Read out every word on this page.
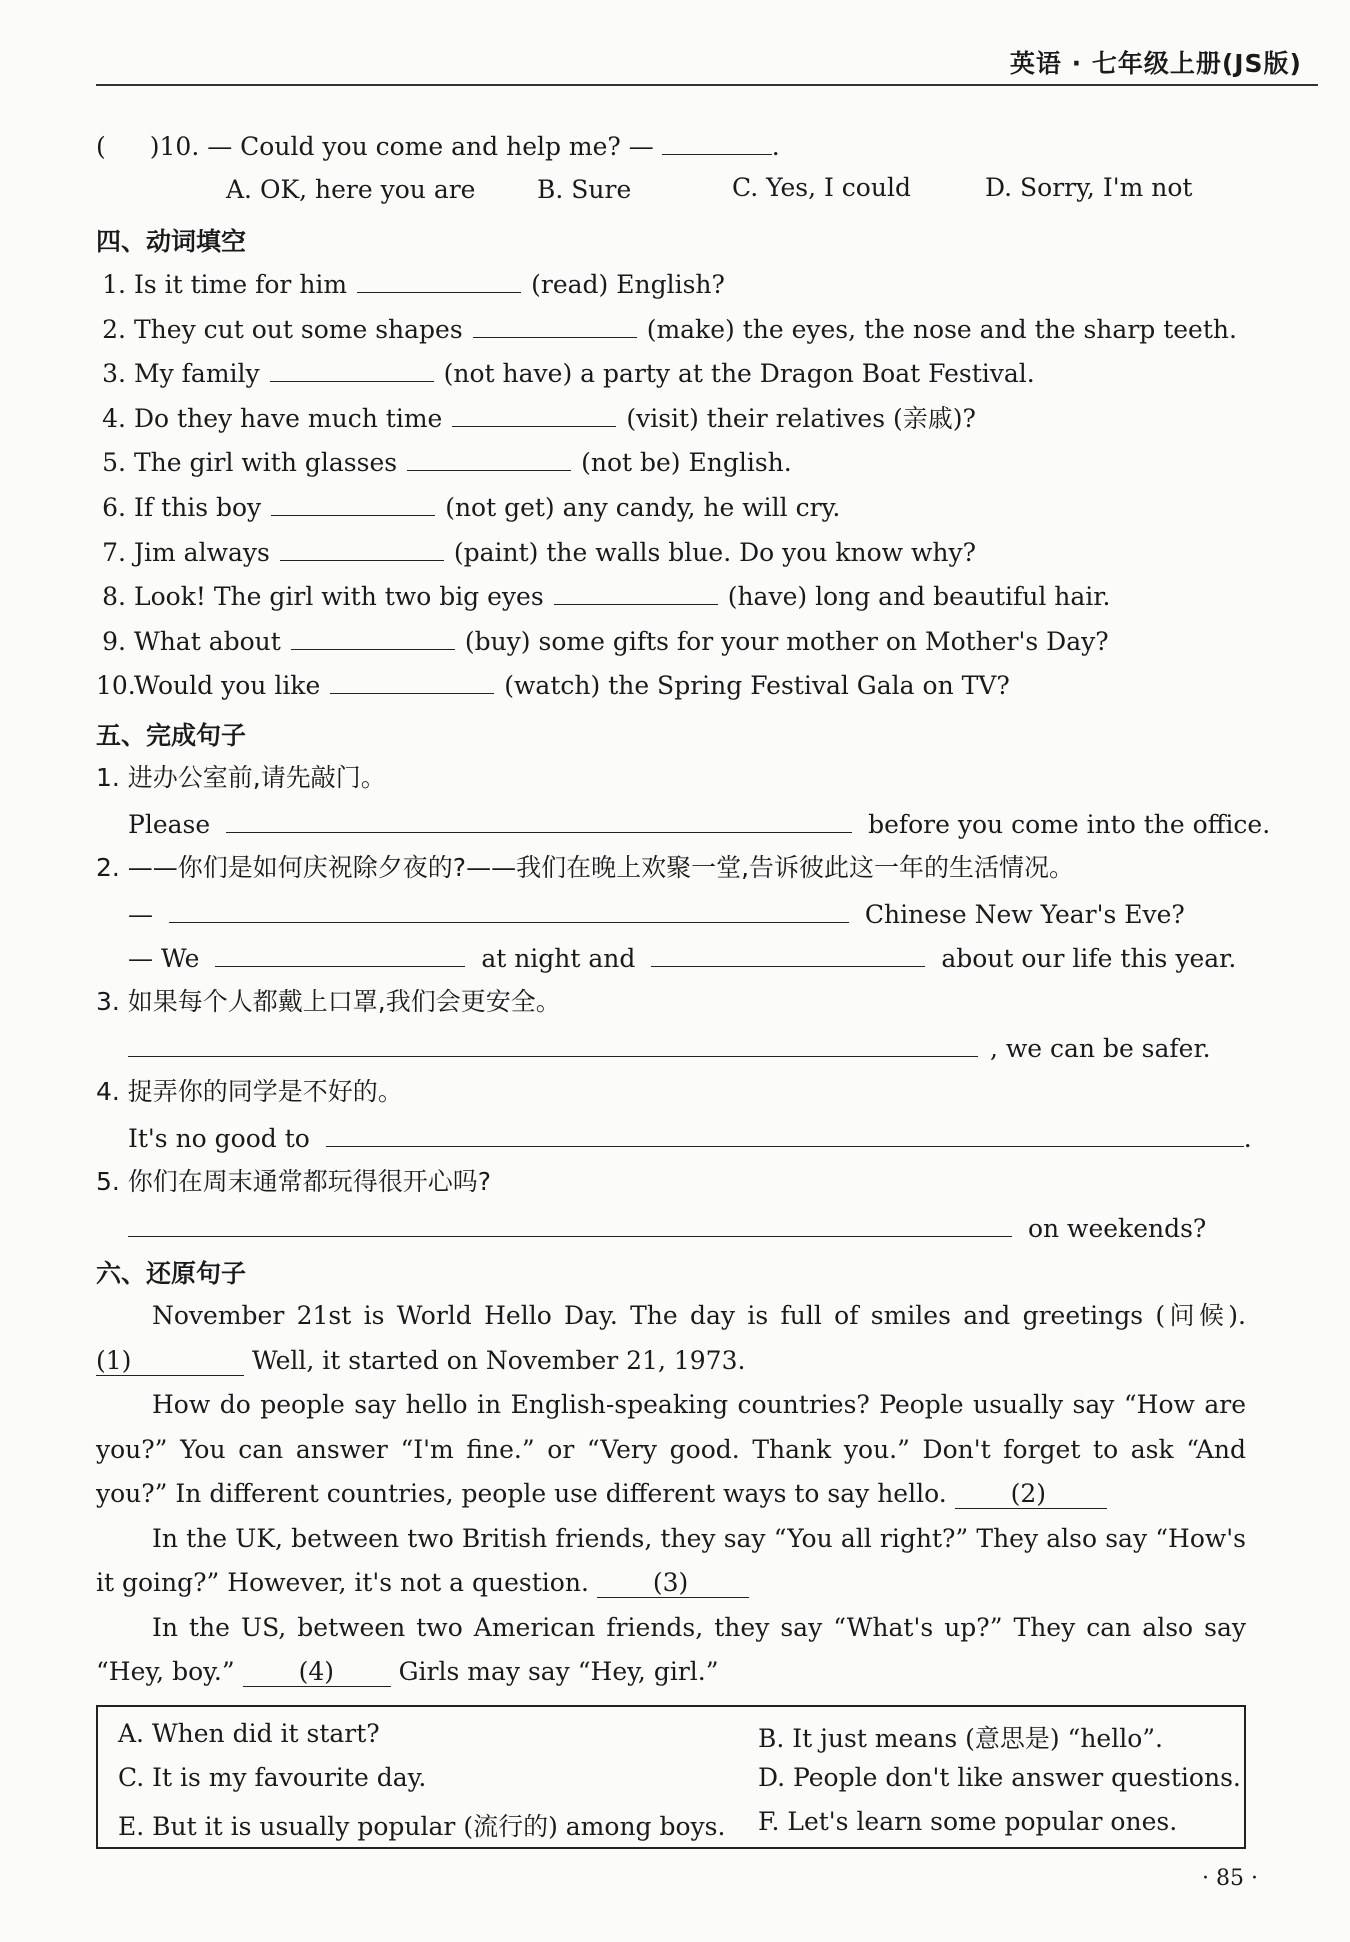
英语 · 七年级上册(JS版)
( )10. — Could you come and help me? —	.
A. OK, here you are B. Sure	C. Yes, I could	D. Sorry, I'm not
四、动词填空
1. Is it time for him	(read) English?
2. They cut out some shapes	(make) the eyes, the nose and the sharp teeth.
3. My family	(not have) a party at the Dragon Boat Festival.
4. Do they have much time	(visit) their relatives (亲戚)?
5. The girl with glasses	(not be) English.
6. If this boy	(not get) any candy, he will cry.
7. Jim always	(paint) the walls blue. Do you know why?
8. Look! The girl with two big eyes	(have) long and beautiful hair.
9. What about	(buy) some gifts for your mother on Mother's Day?
10.Would you like	(watch) the Spring Festival Gala on TV?
五、完成句子
1. 进办公室前,请先敲门。
Please	before you come into the office.
2. ——你们是如何庆祝除夕夜的?——我们在晚上欢聚一堂,告诉彼此这一年的生活情况。
—	Chinese New Year's Eve?
— We	at night and	about our life this year.
3. 如果每个人都戴上口罩,我们会更安全。
, we can be safer.
4. 捉弄你的同学是不好的。
It's no good to	.
5. 你们在周末通常都玩得很开心吗?
on weekends?
六、还原句子

November 21st is World Hello Day. The day is full of smiles and greetings (问候). (1)	Well, it started on November 21, 1973.

How do people say hello in English-speaking countries? People usually say “How are you?” You can answer “I'm fine.” or “Very good. Thank you.” Don't forget to ask “And you?” In different countries, people use different ways to say hello.	(2)

In the UK, between two British friends, they say “You all right?” They also say “How's it going?” However, it's not a question.	(3)

In the US, between two American friends, they say “What's up?” They can also say “Hey, boy.”	(4)	Girls may say “Hey, girl.”

A. When did it start?	B. It just means (意思是) “hello”.
C. It is my favourite day.	D. People don't like answer questions.
E. But it is usually popular (流行的) among boys. F. Let's learn some popular ones.
· 85 ·
